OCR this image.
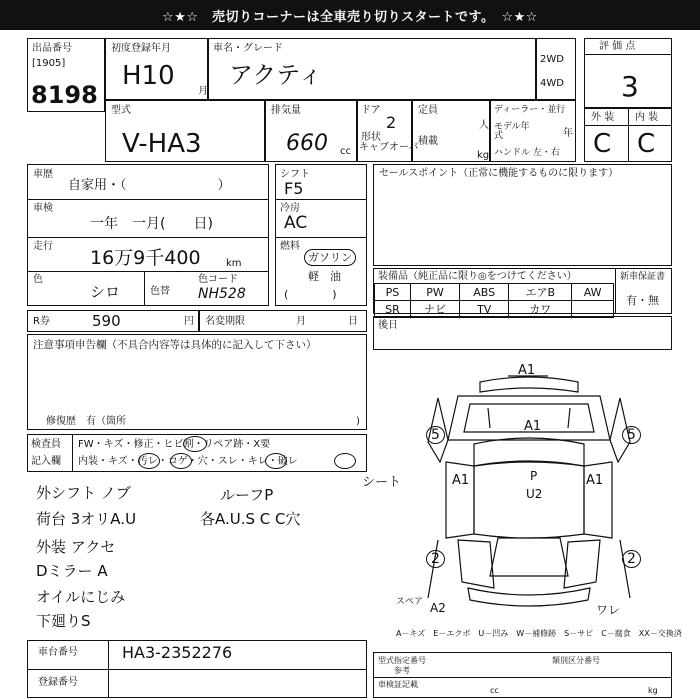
☆★☆　売切りコーナーは全車売り切りスタートです。　☆★☆
出品番号
[1905]
8198
初度登録年月
H10
月
車名・グレード
アクティ
2WD
4WD
評 価 点
3
型式
V-HA3
排気量
660 cc
ドア
2
形状
キャブオーバ
定員
人
積載
kg
ディーラー・並行
モデル年式	年
ハンドル 左・右
外 装 内 装
C C
車歴
自家用・（　　　　　　　）
車検
一年　一月(　　日)
走行
16万9千400	km
色
シロ	色替
色コード
NH528
シフト
F5
冷房
AC
燃料
ガソリン
軽　油
(　　　　)
R券	590	円 名変期限	月	日
注意事項申告欄（不具合内容等は具体的に記入して下さい）
修復歴　有（箇所	)
検査員
記入欄
FW・キズ・修正・ヒビ割・リペア跡・X要
内装・キズ・汚レ・コゲ・穴・スレ・キレ・破レ
シート
外シフト ノブ
荷台 3オリA.U
外装 アクセ
Dミラー A
オイルにじみ
下廻りS
ルーフP
各A.U.S C C穴
車台番号	HA3-2352276
登録番号
セールスポイント（正常に機能するものに限ります）
装備品（純正品に限り◎をつけてください）
PS	PW	ABS	エアB	AW
SR	ナビ	TV	カワ	
新車保証書
有・無
後日
A1
A1
A1	A1
P
U2
5	5
2	2
A2	ワレ
スペア
A－キズ　E－エクボ　U－凹み　W－補修跡　S－サビ　C－腐食　XX－交換済
型式指定番号
参考
類別区分番号
車検証記載
cc	kg
